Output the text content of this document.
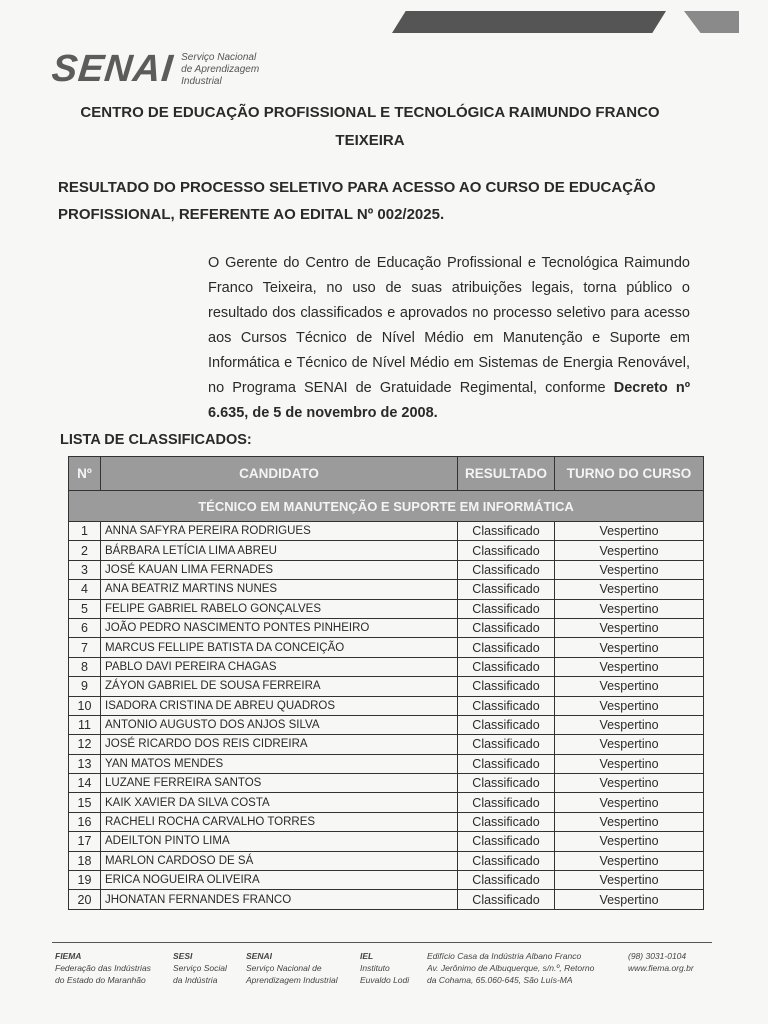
SENAI Serviço Nacional
de Aprendizagem
Industrial
CENTRO DE EDUCAÇÃO PROFISSIONAL E TECNOLÓGICA RAIMUNDO FRANCO
TEIXEIRA
RESULTADO DO PROCESSO SELETIVO PARA ACESSO AO CURSO DE EDUCAÇÃO
PROFISSIONAL, REFERENTE AO EDITAL Nº 002/2025.
O Gerente do Centro de Educação Profissional e Tecnológica Raimundo Franco Teixeira, no uso de suas atribuições legais, torna público o resultado dos classificados e aprovados no processo seletivo para acesso aos Cursos Técnico de Nível Médio em Manutenção e Suporte em Informática e Técnico de Nível Médio em Sistemas de Energia Renovável, no Programa SENAI de Gratuidade Regimental, conforme Decreto nº 6.635, de 5 de novembro de 2008.
LISTA DE CLASSIFICADOS:
Nº	CANDIDATO	RESULTADO	TURNO DO CURSO
TÉCNICO EM MANUTENÇÃO E SUPORTE EM INFORMÁTICA			
1	ANNA SAFYRA PEREIRA RODRIGUES	Classificado	Vespertino
2	BÁRBARA LETÍCIA LIMA ABREU	Classificado	Vespertino
3	JOSÉ KAUAN LIMA FERNADES	Classificado	Vespertino
4	ANA BEATRIZ MARTINS NUNES	Classificado	Vespertino
5	FELIPE GABRIEL RABELO GONÇALVES	Classificado	Vespertino
6	JOÃO PEDRO NASCIMENTO PONTES PINHEIRO	Classificado	Vespertino
7	MARCUS FELLIPE BATISTA DA CONCEIÇÃO	Classificado	Vespertino
8	PABLO DAVI PEREIRA CHAGAS	Classificado	Vespertino
9	ZÁYON GABRIEL DE SOUSA FERREIRA	Classificado	Vespertino
10	ISADORA CRISTINA DE ABREU QUADROS	Classificado	Vespertino
11	ANTONIO AUGUSTO DOS ANJOS SILVA	Classificado	Vespertino
12	JOSÉ RICARDO DOS REIS CIDREIRA	Classificado	Vespertino
13	YAN MATOS MENDES	Classificado	Vespertino
14	LUZANE FERREIRA SANTOS	Classificado	Vespertino
15	KAIK XAVIER DA SILVA COSTA	Classificado	Vespertino
16	RACHELI ROCHA CARVALHO TORRES	Classificado	Vespertino
17	ADEILTON PINTO LIMA	Classificado	Vespertino
18	MARLON CARDOSO DE SÁ	Classificado	Vespertino
19	ERICA NOGUEIRA OLIVEIRA	Classificado	Vespertino
20	JHONATAN FERNANDES FRANCO	Classificado	Vespertino
FIEMA
Federação das Indústrias
do Estado do Maranhão
SESI
Serviço Social
da Indústria
SENAI
Serviço Nacional de
Aprendizagem Industrial
IEL
Instituto
Euvaldo Lodi
Edifício Casa da Indústria Albano Franco
Av. Jerônimo de Albuquerque, s/n.º, Retorno
da Cohama, 65.060-645, São Luís-MA
(98) 3031-0104
www.fiema.org.br
